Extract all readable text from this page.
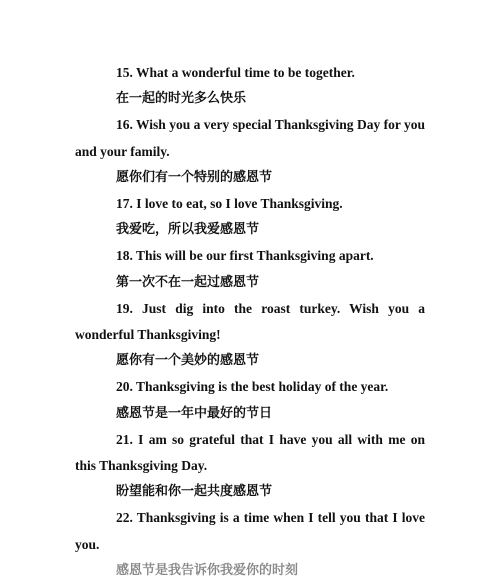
15. What a wonderful time to be together.

在一起的时光多么快乐

16. Wish you a very special Thanksgiving Day for you and your family.

愿你们有一个特别的感恩节

17. I love to eat, so I love Thanksgiving.

我爱吃，所以我爱感恩节

18. This will be our first Thanksgiving apart.

第一次不在一起过感恩节

19. Just dig into the roast turkey. Wish you a wonderful Thanksgiving!

愿你有一个美妙的感恩节

20. Thanksgiving is the best holiday of the year.

感恩节是一年中最好的节日

21. I am so grateful that I have you all with me on this Thanksgiving Day.

盼望能和你一起共度感恩节

22. Thanksgiving is a time when I tell you that I love you.

感恩节是我告诉你我爱你的时刻
